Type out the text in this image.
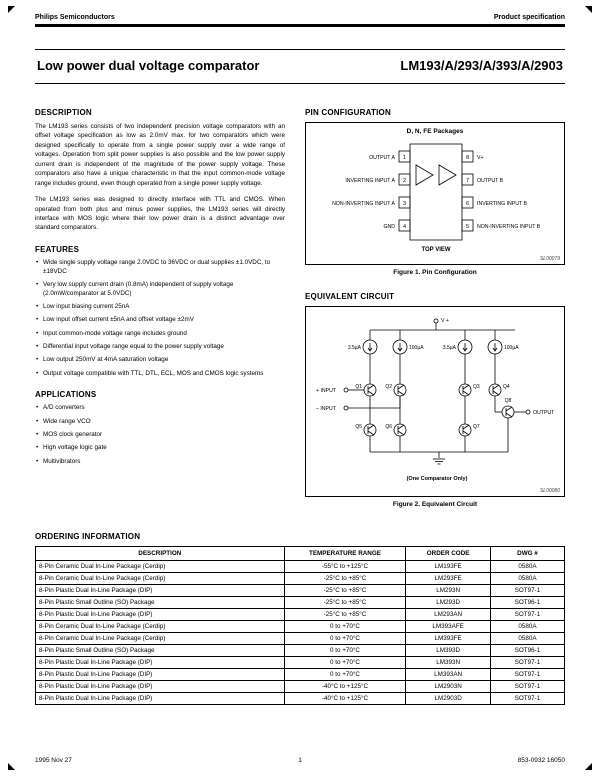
Philips Semiconductors	Product specification
Low power dual voltage comparator	LM193/A/293/A/393/A/2903
DESCRIPTION

The LM193 series consists of two independent precision voltage comparators with an offset voltage specification as low as 2.0mV max. for two comparators which were designed specifically to operate from a single power supply over a wide range of voltages. Operation from split power supplies is also possible and the low power supply current drain is independent of the magnitude of the power supply voltage. These comparators also have a unique characteristic in that the input common-mode voltage range includes ground, even though operated from a single power supply voltage.

The LM193 series was designed to directly interface with TTL and CMOS. When operated from both plus and minus power supplies, the LM193 series will directly interface with MOS logic where their low power drain is a distinct advantage over standard comparators.

FEATURES
• Wide single supply voltage range 2.0VDC to 36VDC or dual supplies ±1.0VDC, to ±18VDC
• Very low supply current drain (0.8mA) independent of supply voltage (2.0mW/comparator at 5.0VDC)
• Low input biasing current 25nA
• Low input offset current ±5nA and offset voltage ±2mV
• Input common-mode voltage range includes ground
• Differential input voltage range equal to the power supply voltage
• Low output 250mV at 4mA saturation voltage
• Output voltage compatible with TTL, DTL, ECL, MOS and CMOS logic systems
APPLICATIONS
• A/D converters
• Wide range VCO
• MOS clock generator
• High voltage logic gate
• Multivibrators
PIN CONFIGURATION
D, N, FE Packages
1
2
3
4
8
7
6
5
OUTPUT A
INVERTING INPUT A
NON-INVERTING INPUT A
GND
V+
OUTPUT B
INVERTING INPUT B
NON-INVERTING INPUT B
TOP VIEW
SL00079
Figure 1. Pin Configuration
EQUIVALENT CIRCUIT
V +
3.5µA	100µA	3.5µA	100µA
Q1	Q2	Q3	Q4
+ INPUT
– INPUT
Q5	Q6	Q7
Q8
OUTPUT
(One Comparator Only)
SL00080
Figure 2. Equivalent Circuit
ORDERING INFORMATION
DESCRIPTION	TEMPERATURE RANGE	ORDER CODE	DWG #
8-Pin Ceramic Dual In-Line Package (Cerdip)	-55°C to +125°C	LM193FE	0580A
8-Pin Ceramic Dual In-Line Package (Cerdip)	-25°C to +85°C	LM293FE	0580A
8-Pin Plastic Dual In-Line Package (DIP)	-25°C to +85°C	LM293N	SOT97-1
8-Pin Plastic Small Outline (SO) Package	-25°C to +85°C	LM293D	SOT96-1
8-Pin Plastic Dual In-Line Package (DIP)	-25°C to +85°C	LM293AN	SOT97-1
8-Pin Ceramic Dual In-Line Package (Cerdip)	0 to +70°C	LM393AFE	0580A
8-Pin Ceramic Dual In-Line Package (Cerdip)	0 to +70°C	LM393FE	0580A
8-Pin Plastic Small Outline (SO) Package	0 to +70°C	LM393D	SOT96-1
8-Pin Plastic Dual In-Line Package (DIP)	0 to +70°C	LM393N	SOT97-1
8-Pin Plastic Dual In-Line Package (DIP)	0 to +70°C	LM393AN	SOT97-1
8-Pin Plastic Dual In-Line Package (DIP)	-40°C to +125°C	LM2903N	SOT97-1
8-Pin Plastic Dual In-Line Package (DIP)	-40°C to +125°C	LM2903D	SOT97-1
1995 Nov 27	1	853-0932 16050
